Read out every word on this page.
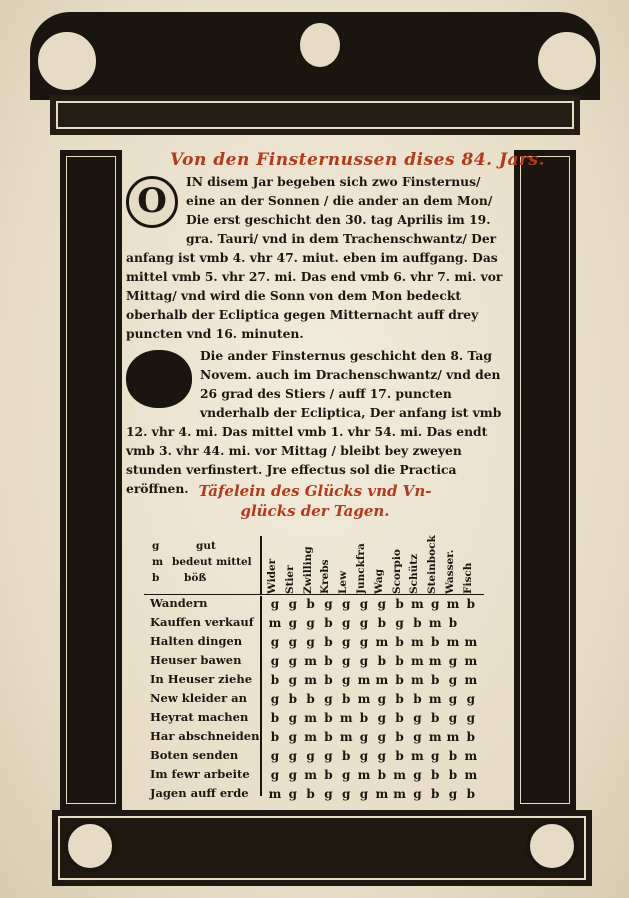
Von den Finsternussen dises 84. Jars.
O	IN disem Jar begeben sich zwo Finsternus/ eine an der Sonnen / die ander an dem Mon/ Die erst geschicht den 30. tag Aprilis im 19. gra. Tauri/ vnd in dem Trachenschwantz/ Der anfang ist vmb 4. vhr 47. miut. eben im auffgang. Das mittel vmb 5. vhr 27. mi. Das end vmb 6. vhr 7. mi. vor Mittag/ vnd wird die Sonn von dem Mon bedeckt oberhalb der Ecliptica gegen Mitternacht auff drey puncten vnd 16. minuten.
Die ander Finsternus geschicht den 8. Tag Novem. auch im Drachenschwantz/ vnd den 26 grad des Stiers / auff 17. puncten vnderhalb der Ecliptica, Der anfang ist vmb 12. vhr 4. mi. Das mittel vmb 1. vhr 54. mi. Das endt vmb 3. vhr 44. mi. vor Mittag / bleibt bey zweyen stunden verfinstert. Jre effectus sol die Practica eröffnen. Täfelein des Glücks vnd Vn-
glücks der Tagen.
g	gut
m bedeut mittel
b böß	Wider Stier Zwilling Krebs Lew Junckfra Wag Scorpio Schütz Steinbock Wasser. Fisch
Wandern	g g b g g g g b m g m b
Kauffen verkauf	m g g b g g b g b m b
Halten dingen	g g g b g g m b m b m m
Heuser bawen	g g m b g g b b m m g m
In Heuser ziehe	b g m b g m m b m b g m
New kleider an	g b b g b m g b b m g g
Heyrat machen	b g m b m b g b g b g g
Har abschneiden b g m b m g g b g m m b
Boten senden	g g g g b g g b m g b m
Im fewr arbeite	g g m b g m b m g b b m
Jagen auff erde	m g b g g g m m g b g b
